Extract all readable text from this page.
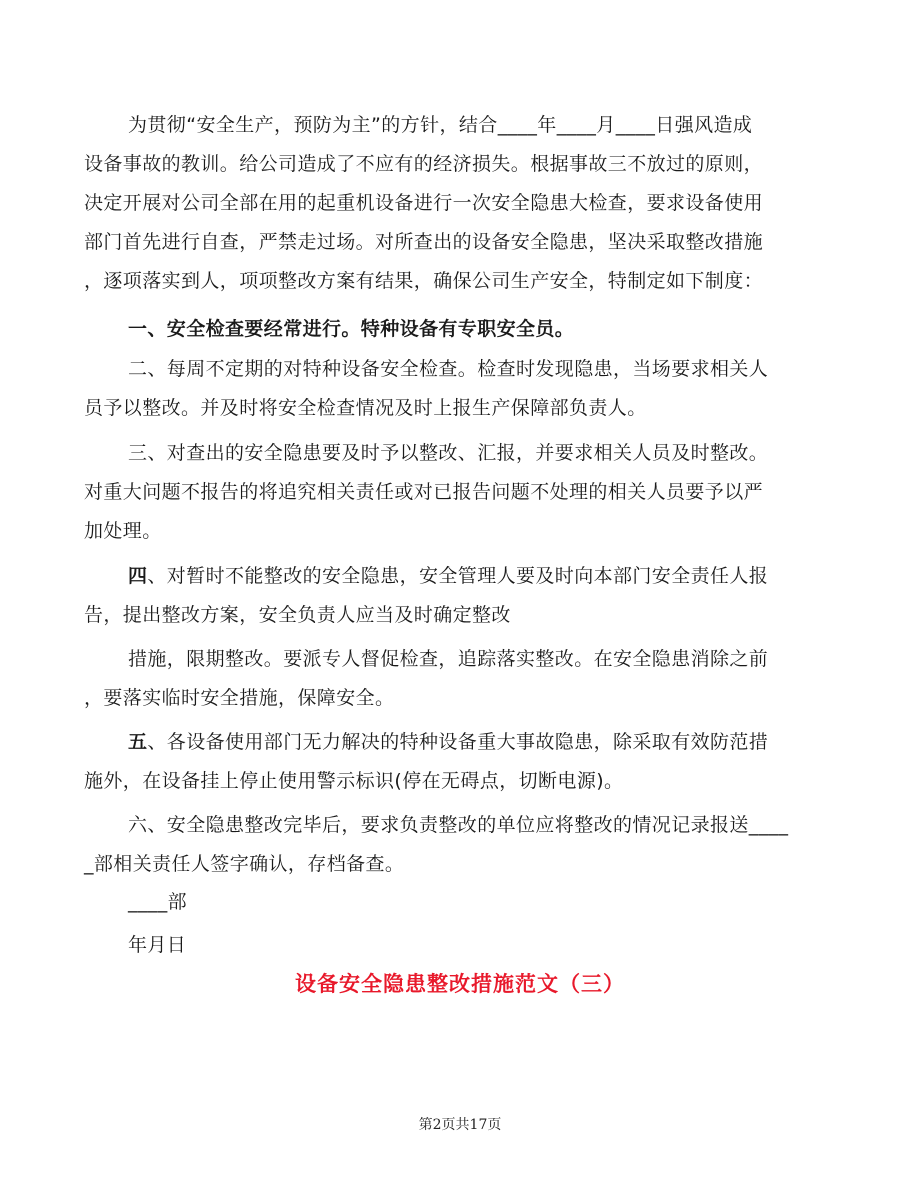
为贯彻“安全生产，预防为主”的方针，结合____年____月____日强风造成
设备事故的教训。给公司造成了不应有的经济损失。根据事故三不放过的原则，
决定开展对公司全部在用的起重机设备进行一次安全隐患大检查，要求设备使用
部门首先进行自查，严禁走过场。对所查出的设备安全隐患，坚决采取整改措施
，逐项落实到人，项项整改方案有结果，确保公司生产安全，特制定如下制度：
一、安全检查要经常进行。特种设备有专职安全员。
二、每周不定期的对特种设备安全检查。检查时发现隐患，当场要求相关人
员予以整改。并及时将安全检查情况及时上报生产保障部负责人。
三、对查出的安全隐患要及时予以整改、汇报，并要求相关人员及时整改。
对重大问题不报告的将追究相关责任或对已报告问题不处理的相关人员要予以严
加处理。
四、对暂时不能整改的安全隐患，安全管理人要及时向本部门安全责任人报
告，提出整改方案，安全负责人应当及时确定整改
措施，限期整改。要派专人督促检查，追踪落实整改。在安全隐患消除之前
，要落实临时安全措施，保障安全。
五、各设备使用部门无力解决的特种设备重大事故隐患，除采取有效防范措
施外，在设备挂上停止使用警示标识(停在无碍点，切断电源)。
六、安全隐患整改完毕后，要求负责整改的单位应将整改的情况记录报送____
_部相关责任人签字确认，存档备查。
____部
年月日
设备安全隐患整改措施范文（三）
第2页共17页
